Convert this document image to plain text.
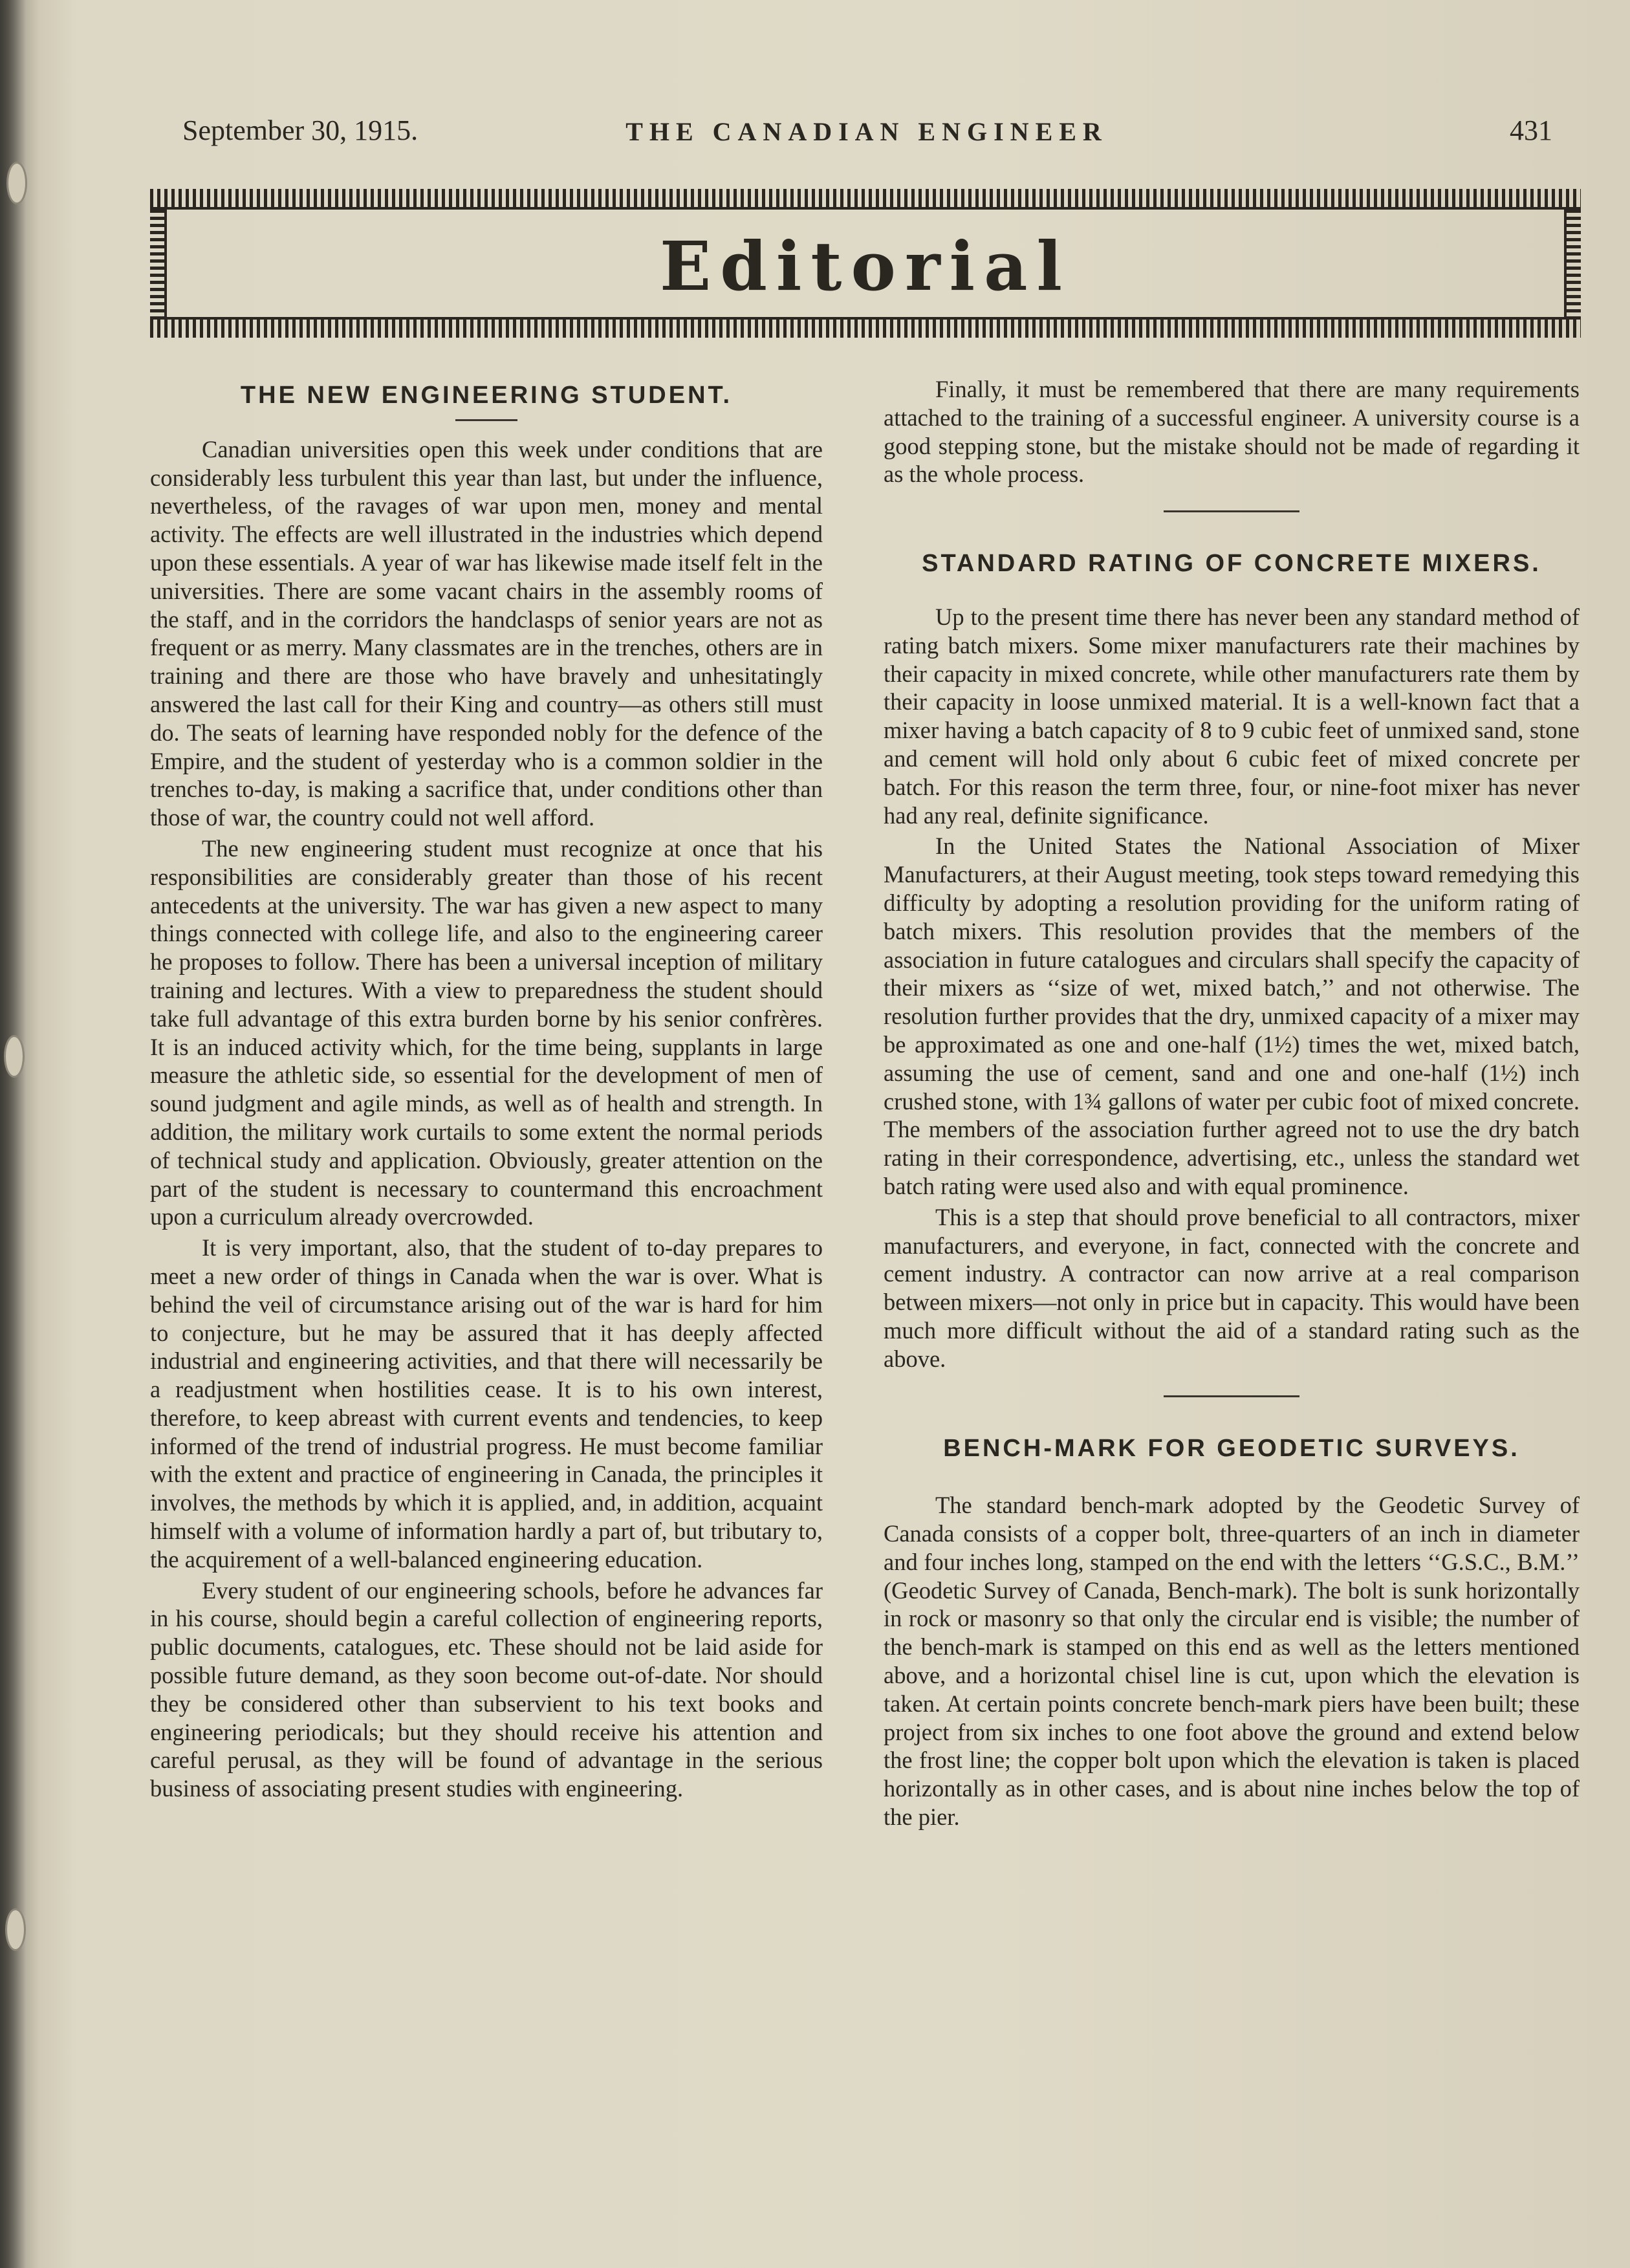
September 30, 1915.	THE CANADIAN ENGINEER	431
Editorial
THE NEW ENGINEERING STUDENT.

Canadian universities open this week under conditions that are considerably less turbulent this year than last, but under the influence, nevertheless, of the ravages of war upon men, money and mental activity. The effects are well illustrated in the industries which depend upon these essentials. A year of war has likewise made itself felt in the universities. There are some vacant chairs in the assembly rooms of the staff, and in the corridors the handclasps of senior years are not as frequent or as merry. Many classmates are in the trenches, others are in training and there are those who have bravely and unhesitatingly answered the last call for their King and country—as others still must do. The seats of learning have responded nobly for the defence of the Empire, and the student of yesterday who is a common soldier in the trenches to-day, is making a sacrifice that, under conditions other than those of war, the country could not well afford.

The new engineering student must recognize at once that his responsibilities are considerably greater than those of his recent antecedents at the university. The war has given a new aspect to many things connected with college life, and also to the engineering career he proposes to follow. There has been a universal inception of military training and lectures. With a view to preparedness the student should take full advantage of this extra burden borne by his senior confrères. It is an induced activity which, for the time being, supplants in large measure the athletic side, so essential for the development of men of sound judgment and agile minds, as well as of health and strength. In addition, the military work curtails to some extent the normal periods of technical study and application. Obviously, greater attention on the part of the student is necessary to countermand this encroachment upon a curriculum already overcrowded.

It is very important, also, that the student of to-day prepares to meet a new order of things in Canada when the war is over. What is behind the veil of circumstance arising out of the war is hard for him to conjecture, but he may be assured that it has deeply affected industrial and engineering activities, and that there will necessarily be a readjustment when hostilities cease. It is to his own interest, therefore, to keep abreast with current events and tendencies, to keep informed of the trend of industrial progress. He must become familiar with the extent and practice of engineering in Canada, the principles it involves, the methods by which it is applied, and, in addition, acquaint himself with a volume of information hardly a part of, but tributary to, the acquirement of a well-balanced engineering education.

Every student of our engineering schools, before he advances far in his course, should begin a careful collection of engineering reports, public documents, catalogues, etc. These should not be laid aside for possible future demand, as they soon become out-of-date. Nor should they be considered other than subservient to his text books and engineering periodicals; but they should receive his attention and careful perusal, as they will be found of advantage in the serious business of associating present studies with engineering.

Finally, it must be remembered that there are many requirements attached to the training of a successful engineer. A university course is a good stepping stone, but the mistake should not be made of regarding it as the whole process.

STANDARD RATING OF CONCRETE MIXERS.

Up to the present time there has never been any standard method of rating batch mixers. Some mixer manufacturers rate their machines by their capacity in mixed concrete, while other manufacturers rate them by their capacity in loose unmixed material. It is a well-known fact that a mixer having a batch capacity of 8 to 9 cubic feet of unmixed sand, stone and cement will hold only about 6 cubic feet of mixed concrete per batch. For this reason the term three, four, or nine-foot mixer has never had any real, definite significance.

In the United States the National Association of Mixer Manufacturers, at their August meeting, took steps toward remedying this difficulty by adopting a resolution providing for the uniform rating of batch mixers. This resolution provides that the members of the association in future catalogues and circulars shall specify the capacity of their mixers as ‘‘size of wet, mixed batch,’’ and not otherwise. The resolution further provides that the dry, unmixed capacity of a mixer may be approximated as one and one-half (1½) times the wet, mixed batch, assuming the use of cement, sand and one and one-half (1½) inch crushed stone, with 1¾ gallons of water per cubic foot of mixed concrete. The members of the association further agreed not to use the dry batch rating in their correspondence, advertising, etc., unless the standard wet batch rating were used also and with equal prominence.

This is a step that should prove beneficial to all contractors, mixer manufacturers, and everyone, in fact, connected with the concrete and cement industry. A contractor can now arrive at a real comparison between mixers—not only in price but in capacity. This would have been much more difficult without the aid of a standard rating such as the above.

BENCH-MARK FOR GEODETIC SURVEYS.

The standard bench-mark adopted by the Geodetic Survey of Canada consists of a copper bolt, three-quarters of an inch in diameter and four inches long, stamped on the end with the letters ‘‘G.S.C., B.M.’’ (Geodetic Survey of Canada, Bench-mark). The bolt is sunk horizontally in rock or masonry so that only the circular end is visible; the number of the bench-mark is stamped on this end as well as the letters mentioned above, and a horizontal chisel line is cut, upon which the elevation is taken. At certain points concrete bench-mark piers have been built; these project from six inches to one foot above the ground and extend below the frost line; the copper bolt upon which the elevation is taken is placed horizontally as in other cases, and is about nine inches below the top of the pier.
